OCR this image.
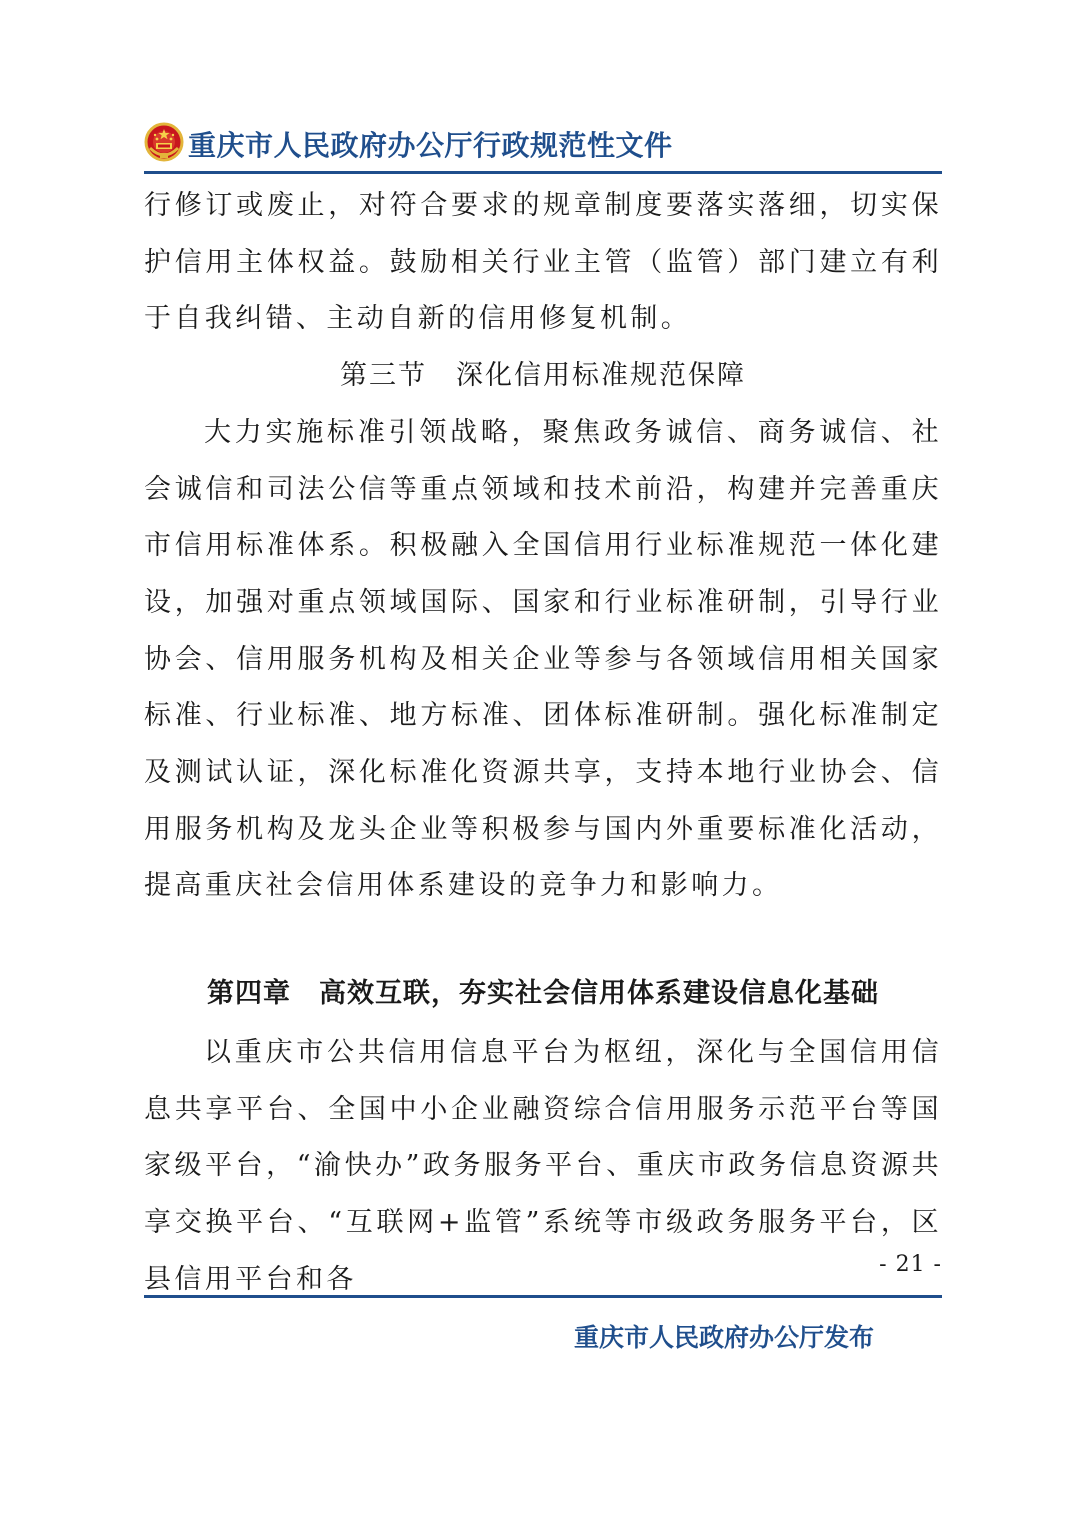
重庆市人民政府办公厅行政规范性文件

行修订或废止，对符合要求的规章制度要落实落细，切实保护信用主体权益。鼓励相关行业主管（监管）部门建立有利于自我纠错、主动自新的信用修复机制。

第三节　深化信用标准规范保障

大力实施标准引领战略，聚焦政务诚信、商务诚信、社会诚信和司法公信等重点领域和技术前沿，构建并完善重庆市信用标准体系。积极融入全国信用行业标准规范一体化建设，加强对重点领域国际、国家和行业标准研制，引导行业协会、信用服务机构及相关企业等参与各领域信用相关国家标准、行业标准、地方标准、团体标准研制。强化标准制定及测试认证，深化标准化资源共享，支持本地行业协会、信用服务机构及龙头企业等积极参与国内外重要标准化活动，提高重庆社会信用体系建设的竞争力和影响力。

第四章　高效互联，夯实社会信用体系建设信息化基础

以重庆市公共信用信息平台为枢纽，深化与全国信用信息共享平台、全国中小企业融资综合信用服务示范平台等国家级平台，“渝快办”政务服务平台、重庆市政务信息资源共享交换平台、“互联网+监管”系统等市级政务服务平台，区县信用平台和各	- 21 -
重庆市人民政府办公厅发布
